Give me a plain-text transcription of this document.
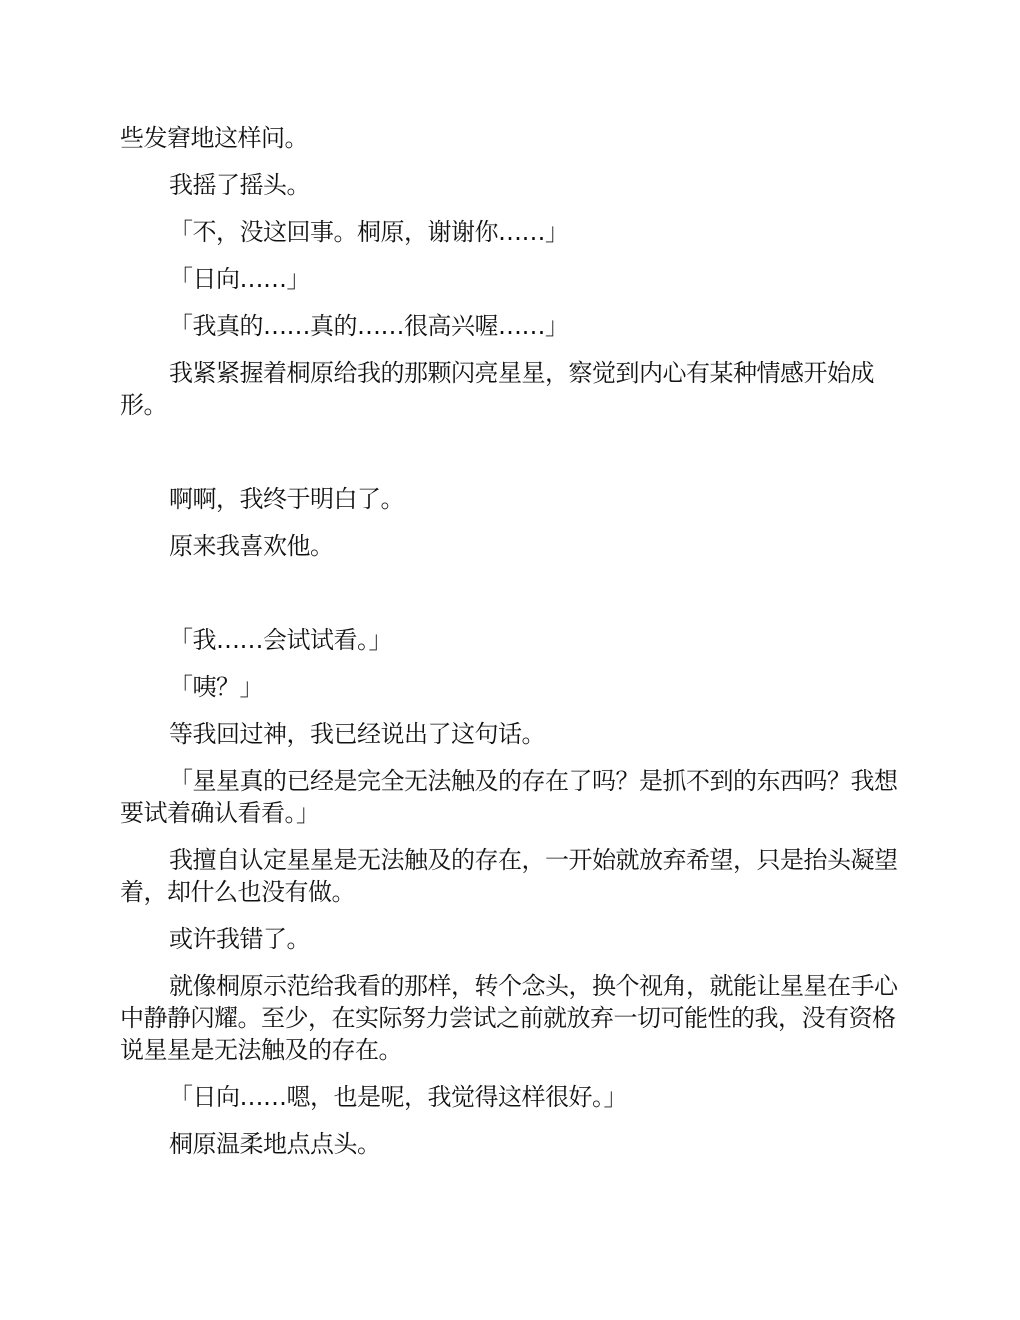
些发窘地这样问。

我摇了摇头。

「不，没这回事。桐原，谢谢你……」

「日向……」

「我真的……真的……很高兴喔……」

我紧紧握着桐原给我的那颗闪亮星星，察觉到内心有某种情感开始成形。

啊啊，我终于明白了。

原来我喜欢他。

「我……会试试看。」

「咦？」

等我回过神，我已经说出了这句话。

「星星真的已经是完全无法触及的存在了吗？是抓不到的东西吗？我想要试着确认看看。」

我擅自认定星星是无法触及的存在，一开始就放弃希望，只是抬头凝望着，却什么也没有做。

或许我错了。

就像桐原示范给我看的那样，转个念头，换个视角，就能让星星在手心中静静闪耀。至少，在实际努力尝试之前就放弃一切可能性的我，没有资格说星星是无法触及的存在。

「日向……嗯，也是呢，我觉得这样很好。」

桐原温柔地点点头。
